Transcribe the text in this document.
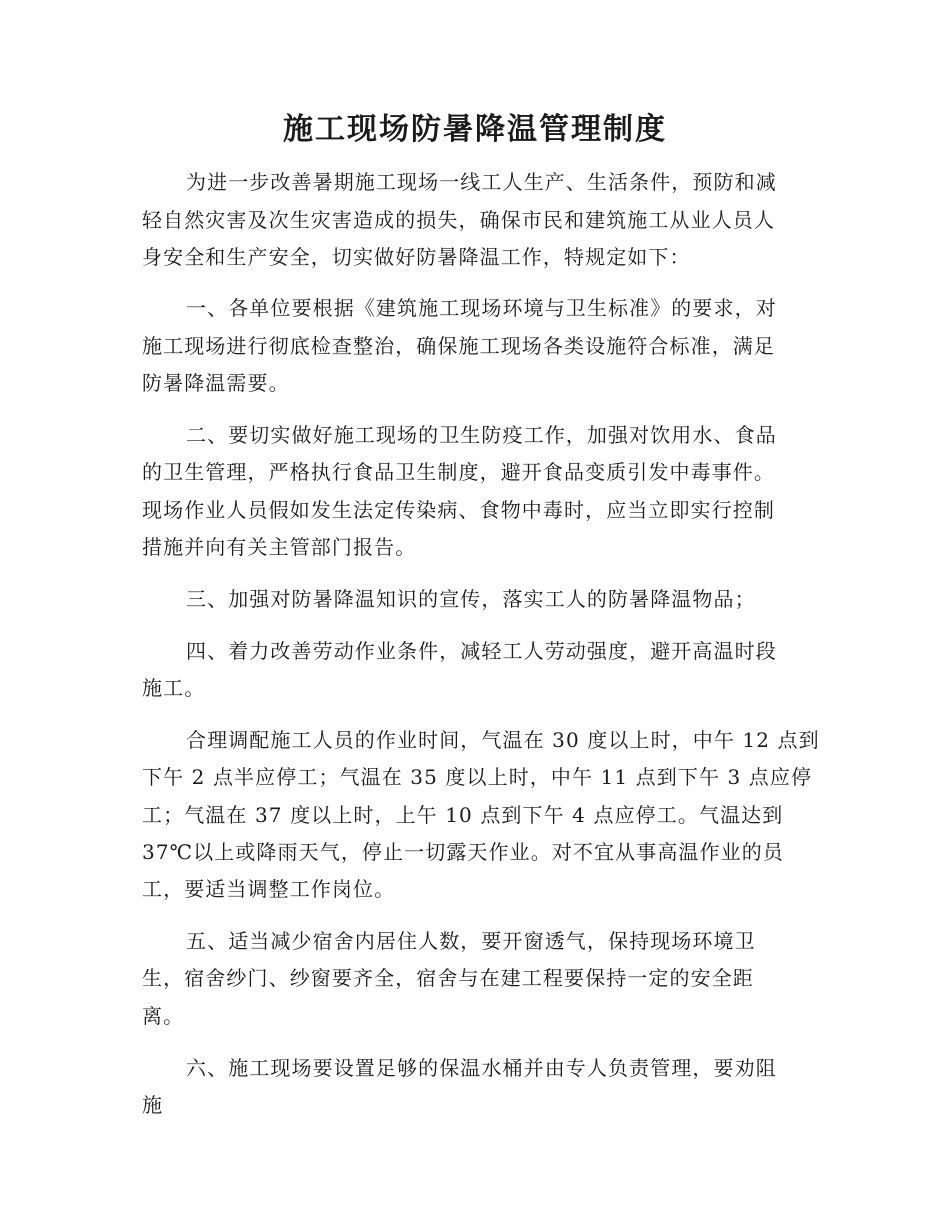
施工现场防暑降温管理制度
为进一步改善暑期施工现场一线工人生产、生活条件，预防和减
轻自然灾害及次生灾害造成的损失，确保市民和建筑施工从业人员人
身安全和生产安全，切实做好防暑降温工作，特规定如下：
一、各单位要根据《建筑施工现场环境与卫生标准》的要求，对
施工现场进行彻底检查整治，确保施工现场各类设施符合标准，满足
防暑降温需要。
二、要切实做好施工现场的卫生防疫工作，加强对饮用水、食品
的卫生管理，严格执行食品卫生制度，避开食品变质引发中毒事件。
现场作业人员假如发生法定传染病、食物中毒时，应当立即实行控制
措施并向有关主管部门报告。
三、加强对防暑降温知识的宣传，落实工人的防暑降温物品；
四、着力改善劳动作业条件，减轻工人劳动强度，避开高温时段
施工。
合理调配施工人员的作业时间，气温在 30 度以上时，中午 12 点到
下午 2 点半应停工；气温在 35 度以上时，中午 11 点到下午 3 点应停
工；气温在 37 度以上时，上午 10 点到下午 4 点应停工。气温达到
37℃以上或降雨天气，停止一切露天作业。对不宜从事高温作业的员
工，要适当调整工作岗位。
五、适当减少宿舍内居住人数，要开窗透气，保持现场环境卫
生，宿舍纱门、纱窗要齐全，宿舍与在建工程要保持一定的安全距
离。
六、施工现场要设置足够的保温水桶并由专人负责管理，要劝阻
施
